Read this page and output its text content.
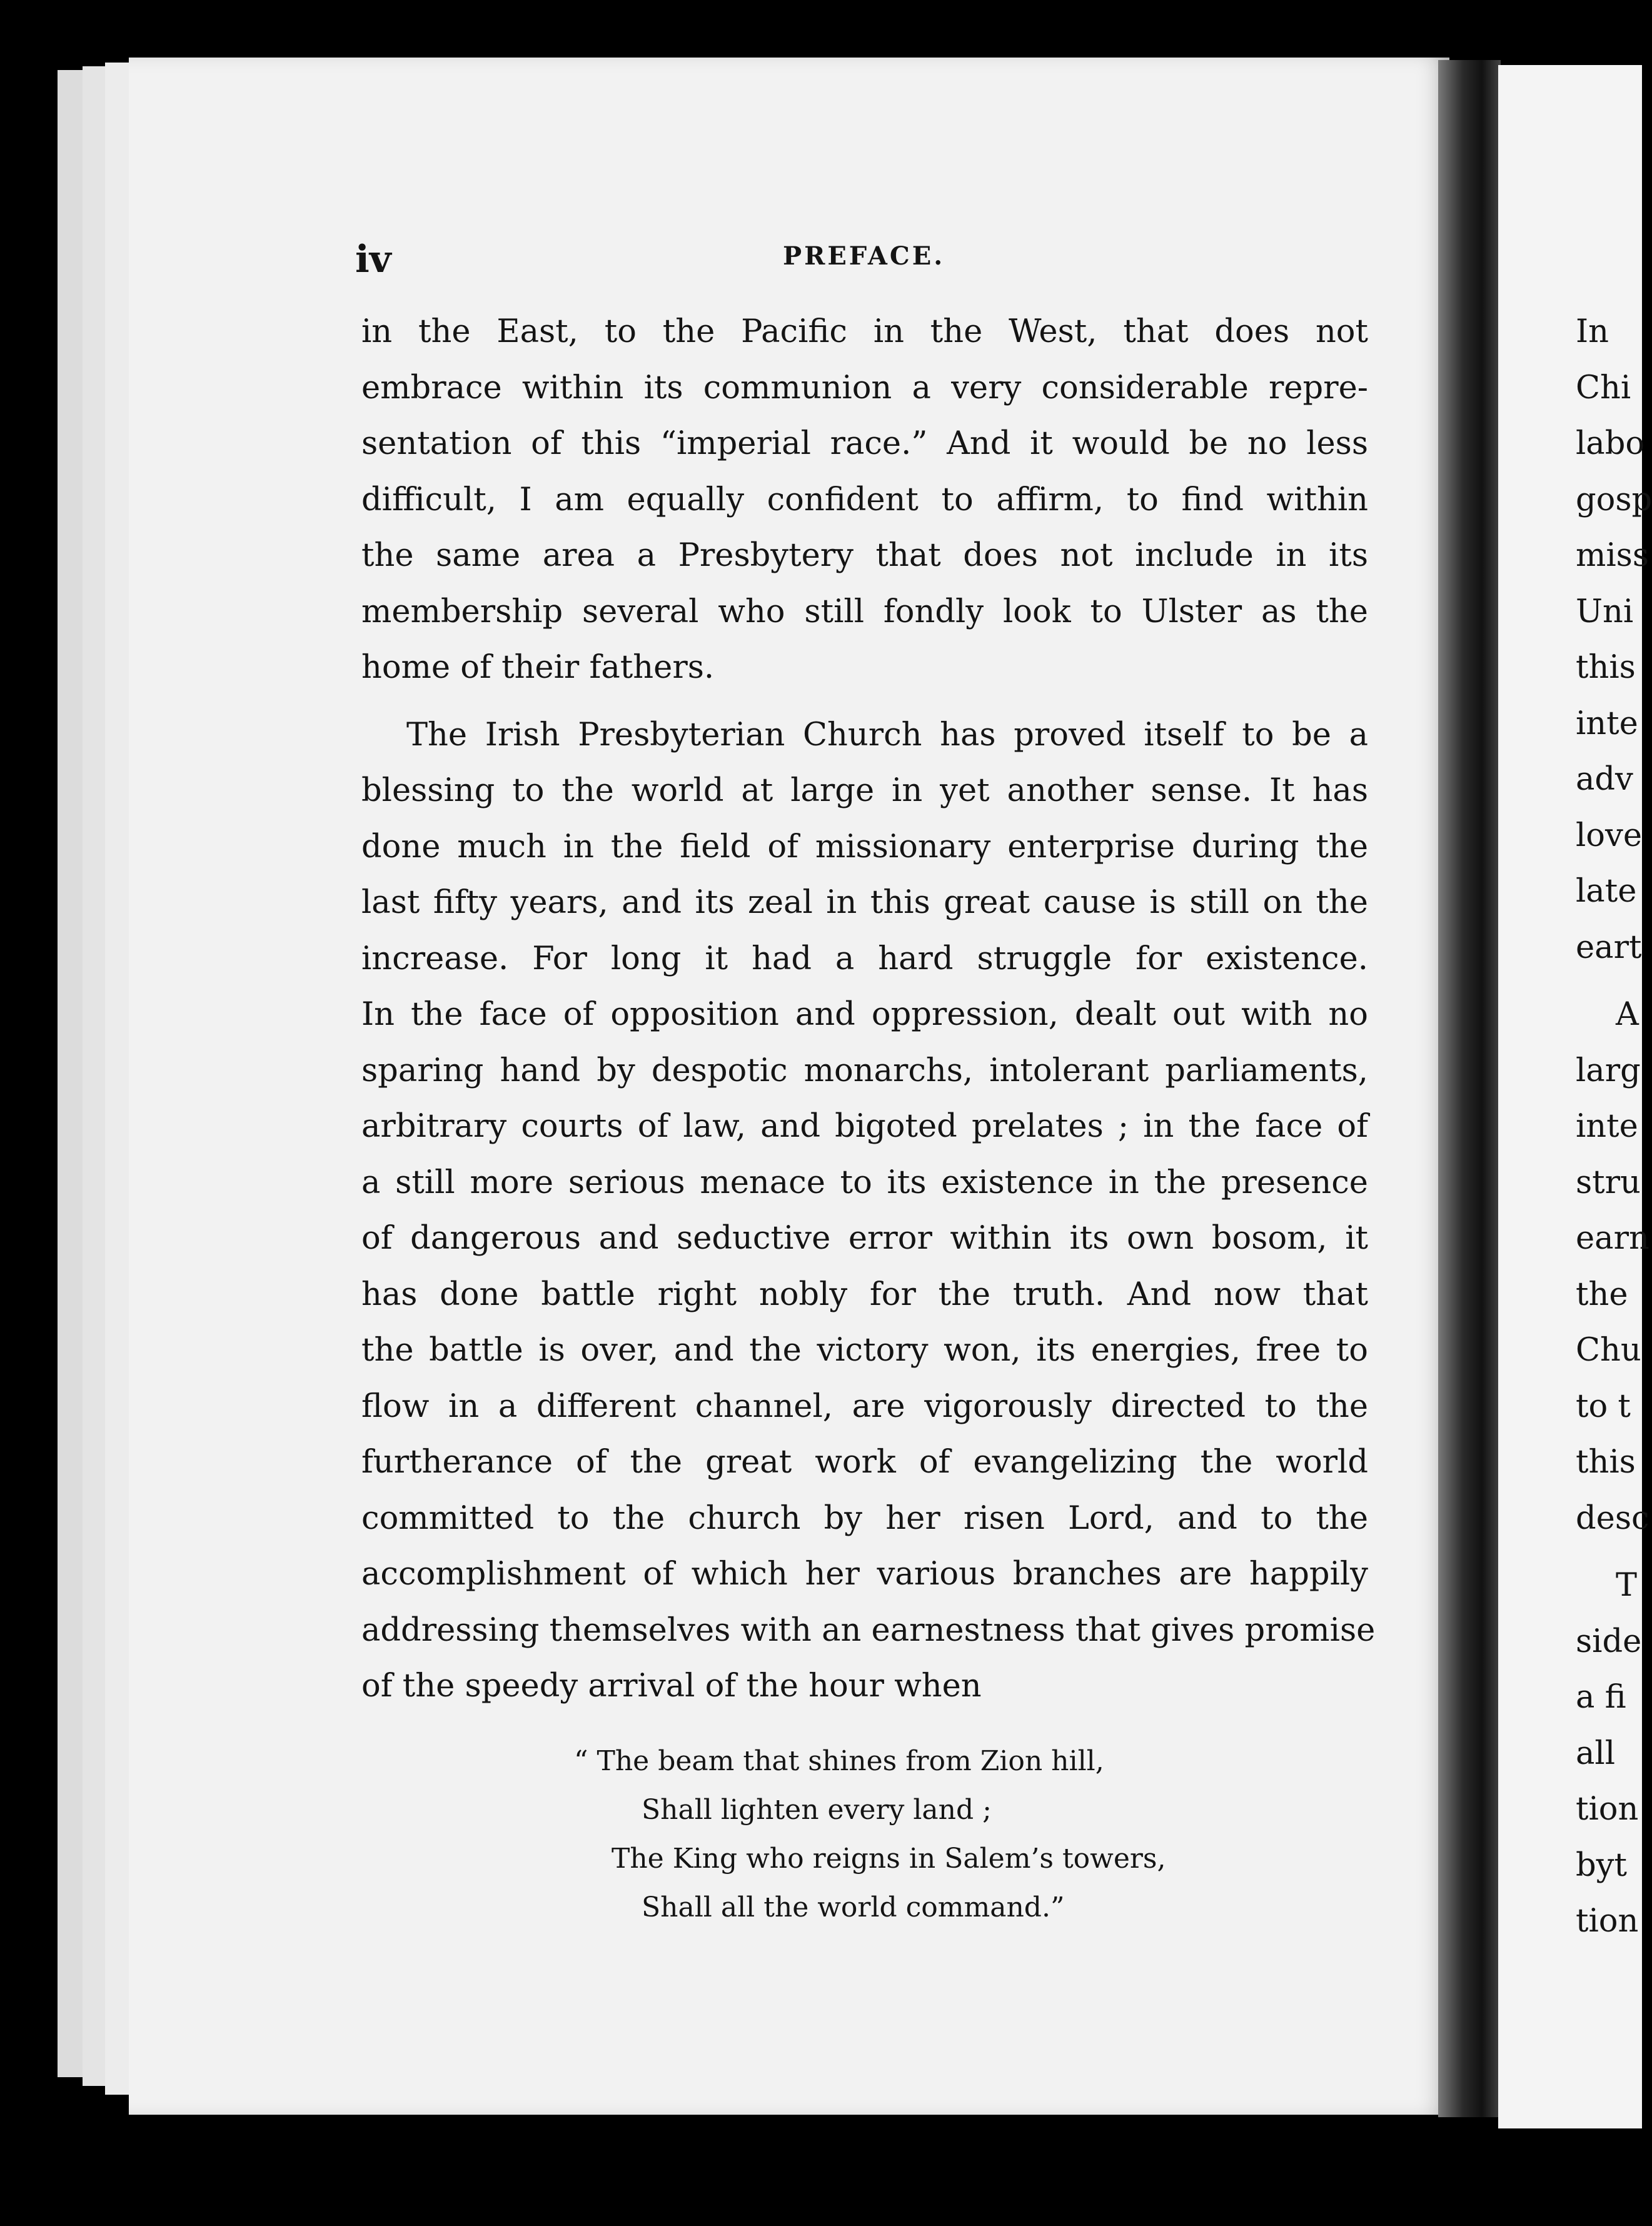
iv	PREFACE.
in the East, to the Pacific in the West, that does not
embrace within its communion a very considerable repre-
sentation of this “imperial race.” And it would be no less
difficult, I am equally confident to affirm, to find within
the same area a Presbytery that does not include in its
membership several who still fondly look to Ulster as the
home of their fathers.
The Irish Presbyterian Church has proved itself to be a
blessing to the world at large in yet another sense. It has
done much in the field of missionary enterprise during the
last fifty years, and its zeal in this great cause is still on the
increase. For long it had a hard struggle for existence.
In the face of opposition and oppression, dealt out with no
sparing hand by despotic monarchs, intolerant parliaments,
arbitrary courts of law, and bigoted prelates ; in the face of
a still more serious menace to its existence in the presence
of dangerous and seductive error within its own bosom, it
has done battle right nobly for the truth. And now that
the battle is over, and the victory won, its energies, free to
flow in a different channel, are vigorously directed to the
furtherance of the great work of evangelizing the world
committed to the church by her risen Lord, and to the
accomplishment of which her various branches are happily
addressing themselves with an earnestness that gives promise
of the speedy arrival of the hour when
“ The beam that shines from Zion hill,
Shall lighten every land ;
The King who reigns in Salem’s towers,
Shall all the world command.”
In
Chi
labo
gosp
miss
Uni
this
inte
adv
love
late
eart
A
larg
inte
stru
earn
the
Chu
to t
this
desc
T
side
a fi
all
tion
byt
tion
